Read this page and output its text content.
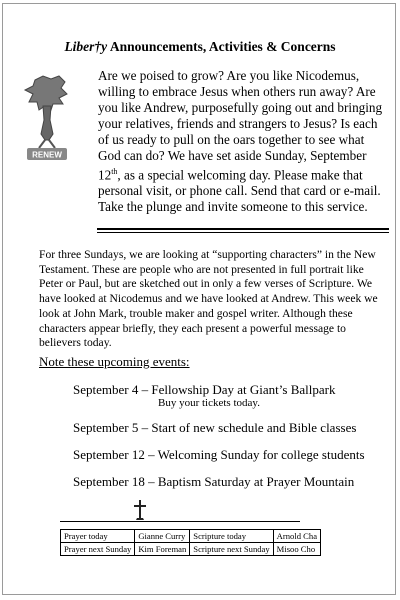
Liber†y Announcements, Activities & Concerns
RENEW

Are we poised to grow? Are you like Nicodemus, willing to embrace Jesus when others run away? Are you like Andrew, purposefully going out and bringing your relatives, friends and strangers to Jesus? Is each of us ready to pull on the oars together to see what God can do? We have set aside Sunday, September 12th, as a special welcoming day. Please make that personal visit, or phone call. Send that card or e-mail. Take the plunge and invite someone to this service.

For three Sundays, we are looking at “supporting characters” in the New Testament. These are people who are not presented in full portrait like Peter or Paul, but are sketched out in only a few verses of Scripture. We have looked at Nicodemus and we have looked at Andrew. This week we look at John Mark, trouble maker and gospel writer. Although these characters appear briefly, they each present a powerful message to believers today.

Note these upcoming events:
September 4 – Fellowship Day at Giant’s Ballpark
Buy your tickets today.
September 5 – Start of new schedule and Bible classes
September 12 – Welcoming Sunday for college students
September 18 – Baptism Saturday at Prayer Mountain
Prayer today	Gianne Curry	Scripture today	Arnold Cha
Prayer next Sunday	Kim Foreman	Scripture next Sunday	Misoo Cho
